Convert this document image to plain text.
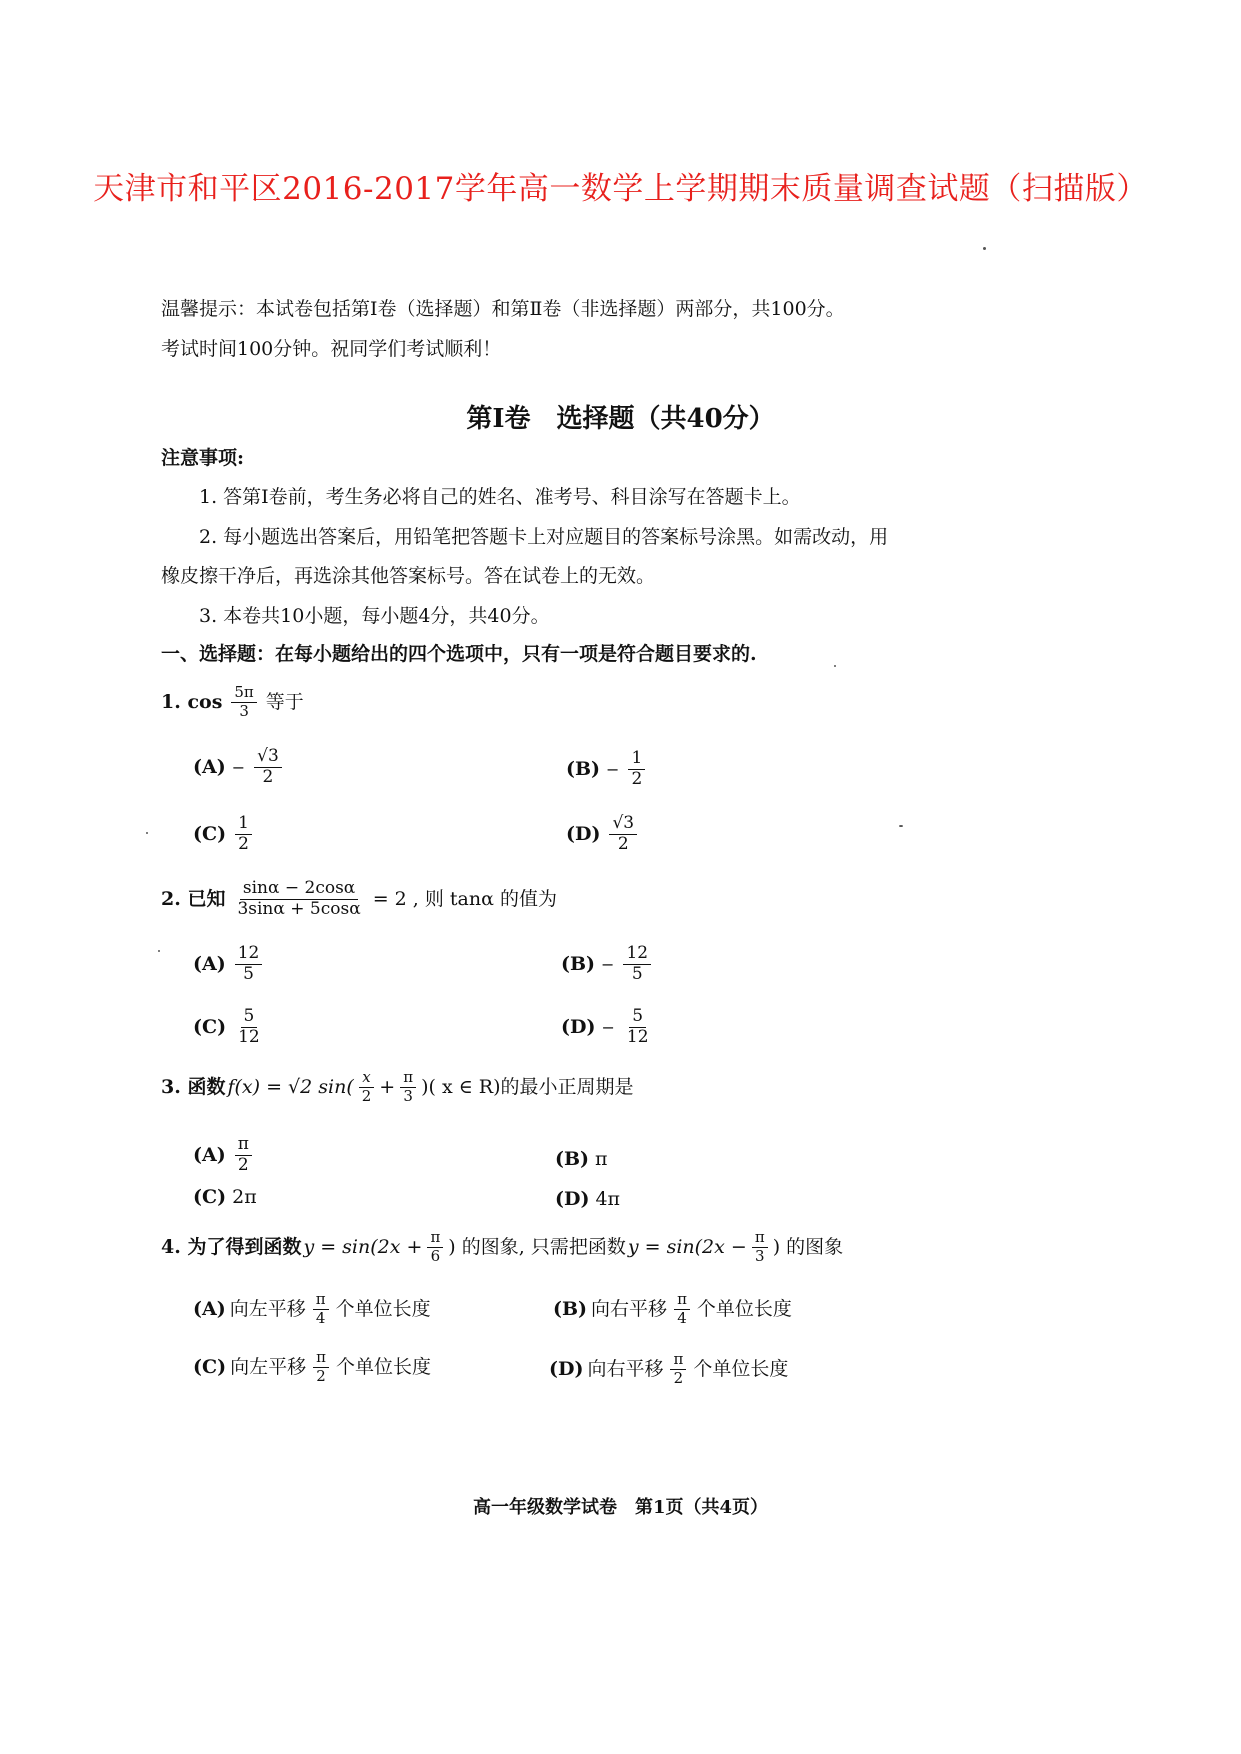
天津市和平区2016-2017学年高一数学上学期期末质量调查试题（扫描版）
温馨提示：本试卷包括第Ⅰ卷（选择题）和第Ⅱ卷（非选择题）两部分，共100分。
考试时间100分钟。祝同学们考试顺利！
第Ⅰ卷　选择题（共40分）
注意事项:
1. 答第Ⅰ卷前，考生务必将自己的姓名、准考号、科目涂写在答题卡上。
2. 每小题选出答案后，用铅笔把答题卡上对应题目的答案标号涂黑。如需改动，用
橡皮擦干净后，再选涂其他答案标号。答在试卷上的无效。
3. 本卷共10小题，每小题4分，共40分。
一、选择题：在每小题给出的四个选项中，只有一项是符合题目要求的.
1. $\cos \frac{5\pi}{3}$ 等于
$(A) - \frac{√3}{2}$	$(B) - \frac{1}{2}$
$(C) \frac{1}{2}$	$(D) \frac{√3}{2}$
2. 已知 $\frac{\sin\alpha - 2\cos\alpha}{3\sin\alpha + 5\cos\alpha} = 2$ , 则 tanα 的值为
$(A) \frac{12}{5}$	$(B) - \frac{12}{5}$
$(C) \frac{5}{12}$	$(D) - \frac{5}{12}$
3. 函数 f(x) = √2 $\sin( \frac{x}{2} + \frac{\pi}{3}$ )( x ∈ R)的最小正周期是
$(A) \frac{\pi}{2}$	(B) π
(C) 2π	(D) 4π
4. 为了得到函数 $y = \sin(2x + \frac{\pi}{6}$ ) 的图象, 只需把函数 $y = \sin(2x - \frac{\pi}{3}$ ) 的图象
(A) 向左平移 $\frac{\pi}{4}$ 个单位长度	(B) 向右平移 $\frac{\pi}{4}$ 个单位长度
(C) 向左平移 $\frac{\pi}{2}$ 个单位长度	(D) 向右平移 $\frac{\pi}{2}$ 个单位长度
高一年级数学试卷　第1页（共4页）
